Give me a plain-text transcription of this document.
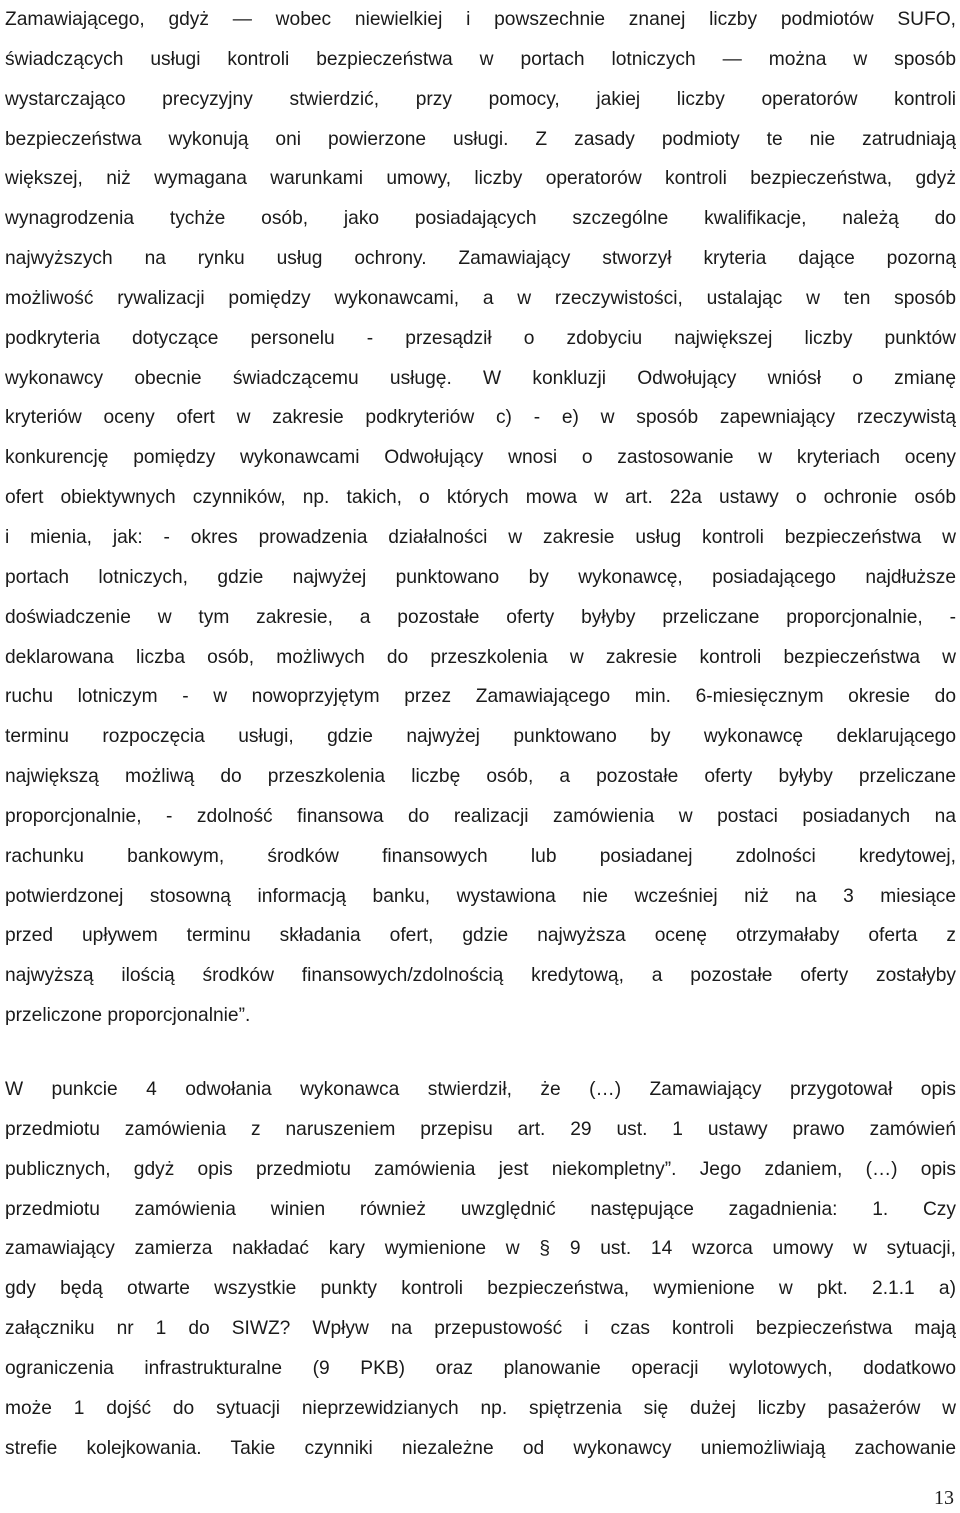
Zamawiającego, gdyż — wobec niewielkiej i powszechnie znanej liczby podmiotów SUFO,
świadczących usługi kontroli bezpieczeństwa w portach lotniczych — można w sposób
wystarczająco precyzyjny stwierdzić, przy pomocy, jakiej liczby operatorów kontroli
bezpieczeństwa wykonują oni powierzone usługi. Z zasady podmioty te nie zatrudniają
większej, niż wymagana warunkami umowy, liczby operatorów kontroli bezpieczeństwa, gdyż
wynagrodzenia tychże osób, jako posiadających szczególne kwalifikacje, należą do
najwyższych na rynku usług ochrony. Zamawiający stworzył kryteria dające pozorną
możliwość rywalizacji pomiędzy wykonawcami, a w rzeczywistości, ustalając w ten sposób
podkryteria dotyczące personelu - przesądził o zdobyciu największej liczby punktów
wykonawcy obecnie świadczącemu usługę. W konkluzji Odwołujący wniósł o zmianę
kryteriów oceny ofert w zakresie podkryteriów c) - e) w sposób zapewniający rzeczywistą
konkurencję pomiędzy wykonawcami Odwołujący wnosi o zastosowanie w kryteriach oceny
ofert obiektywnych czynników, np. takich, o których mowa w art. 22a ustawy o ochronie osób
i mienia, jak: - okres prowadzenia działalności w zakresie usług kontroli bezpieczeństwa w
portach lotniczych, gdzie najwyżej punktowano by wykonawcę, posiadającego najdłuższe
doświadczenie w tym zakresie, a pozostałe oferty byłyby przeliczane proporcjonalnie, -
deklarowana liczba osób, możliwych do przeszkolenia w zakresie kontroli bezpieczeństwa w
ruchu lotniczym - w nowoprzyjętym przez Zamawiającego min. 6-miesięcznym okresie do
terminu rozpoczęcia usługi, gdzie najwyżej punktowano by wykonawcę deklarującego
największą możliwą do przeszkolenia liczbę osób, a pozostałe oferty byłyby przeliczane
proporcjonalnie, - zdolność finansowa do realizacji zamówienia w postaci posiadanych na
rachunku bankowym, środków finansowych lub posiadanej zdolności kredytowej,
potwierdzonej stosowną informacją banku, wystawiona nie wcześniej niż na 3 miesiące
przed upływem terminu składania ofert, gdzie najwyższa ocenę otrzymałaby oferta z
najwyższą ilością środków finansowych/zdolnością kredytową, a pozostałe oferty zostałyby
przeliczone proporcjonalnie”.
W punkcie 4 odwołania wykonawca stwierdził, że (…) Zamawiający przygotował opis
przedmiotu zamówienia z naruszeniem przepisu art. 29 ust. 1 ustawy prawo zamówień
publicznych, gdyż opis przedmiotu zamówienia jest niekompletny”. Jego zdaniem, (…) opis
przedmiotu zamówienia winien również uwzględnić następujące zagadnienia: 1. Czy
zamawiający zamierza nakładać kary wymienione w § 9 ust. 14 wzorca umowy w sytuacji,
gdy będą otwarte wszystkie punkty kontroli bezpieczeństwa, wymienione w pkt. 2.1.1 a)
załączniku nr 1 do SIWZ? Wpływ na przepustowość i czas kontroli bezpieczeństwa mają
ograniczenia infrastrukturalne (9 PKB) oraz planowanie operacji wylotowych, dodatkowo
może 1 dojść do sytuacji nieprzewidzianych np. spiętrzenia się dużej liczby pasażerów w
strefie kolejkowania. Takie czynniki niezależne od wykonawcy uniemożliwiają zachowanie
13
